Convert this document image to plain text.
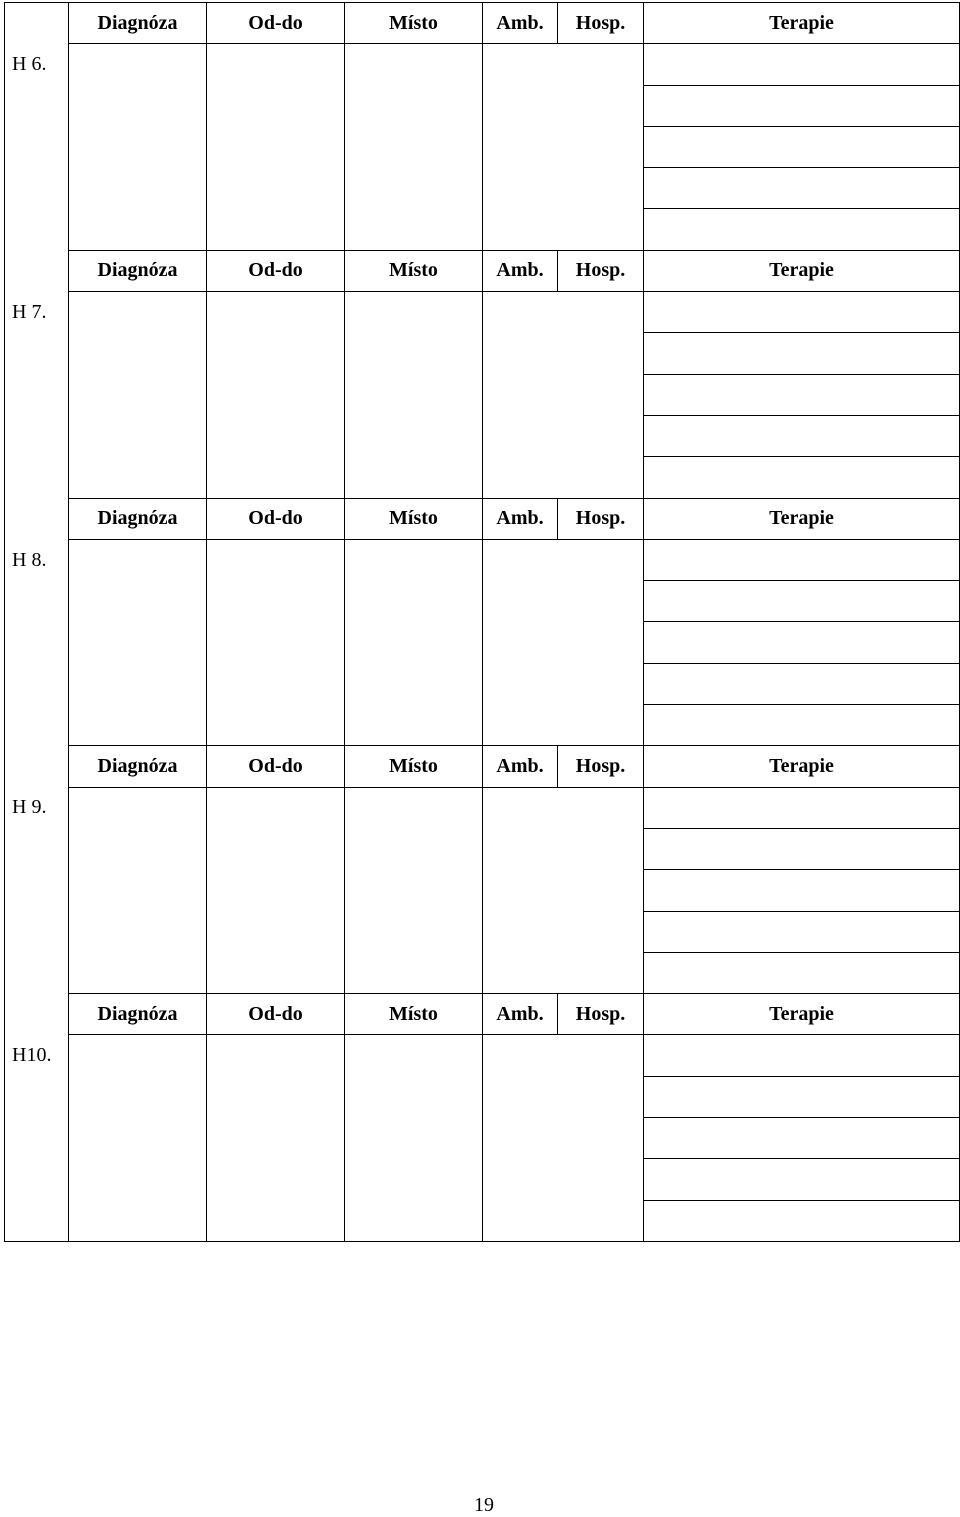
	Diagnóza	Od-do	Místo	Amb.	Hosp.	Terapie
H 6.						

	Diagnóza	Od-do	Místo	Amb.	Hosp.	Terapie
H 7.						

	Diagnóza	Od-do	Místo	Amb.	Hosp.	Terapie
H 8.						

	Diagnóza	Od-do	Místo	Amb.	Hosp.	Terapie
H 9.						

	Diagnóza	Od-do	Místo	Amb.	Hosp.	Terapie
H10.						

19
